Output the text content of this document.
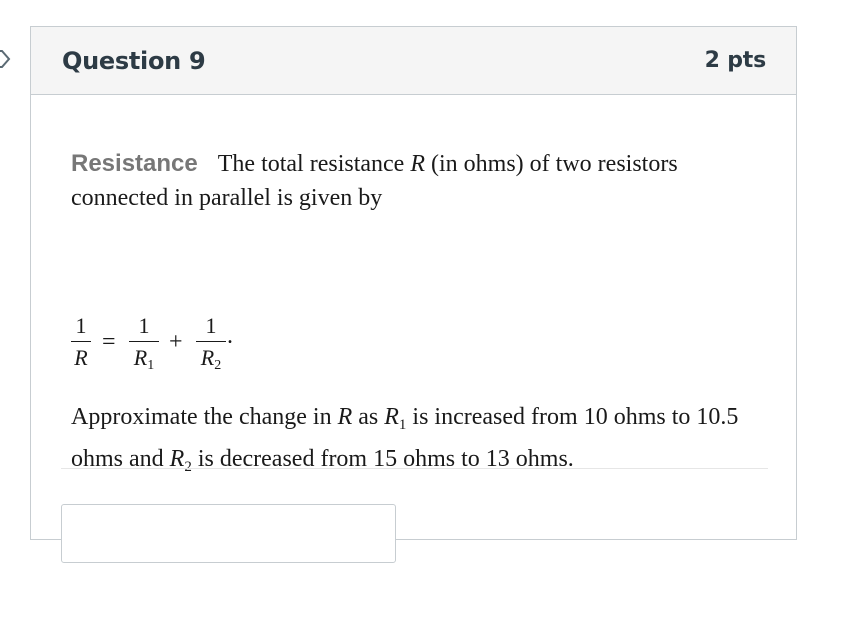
Question 9	2 pts

Resistance The total resistance R (in ohms) of two resistors connected in parallel is given by

1
R
=
1
$R_1$
+
1
$R_2$
.

Approximate the change in R as $R_1$ is increased from 10 ohms to 10.5 ohms and $R_2$ is decreased from 15 ohms to 13 ohms.
